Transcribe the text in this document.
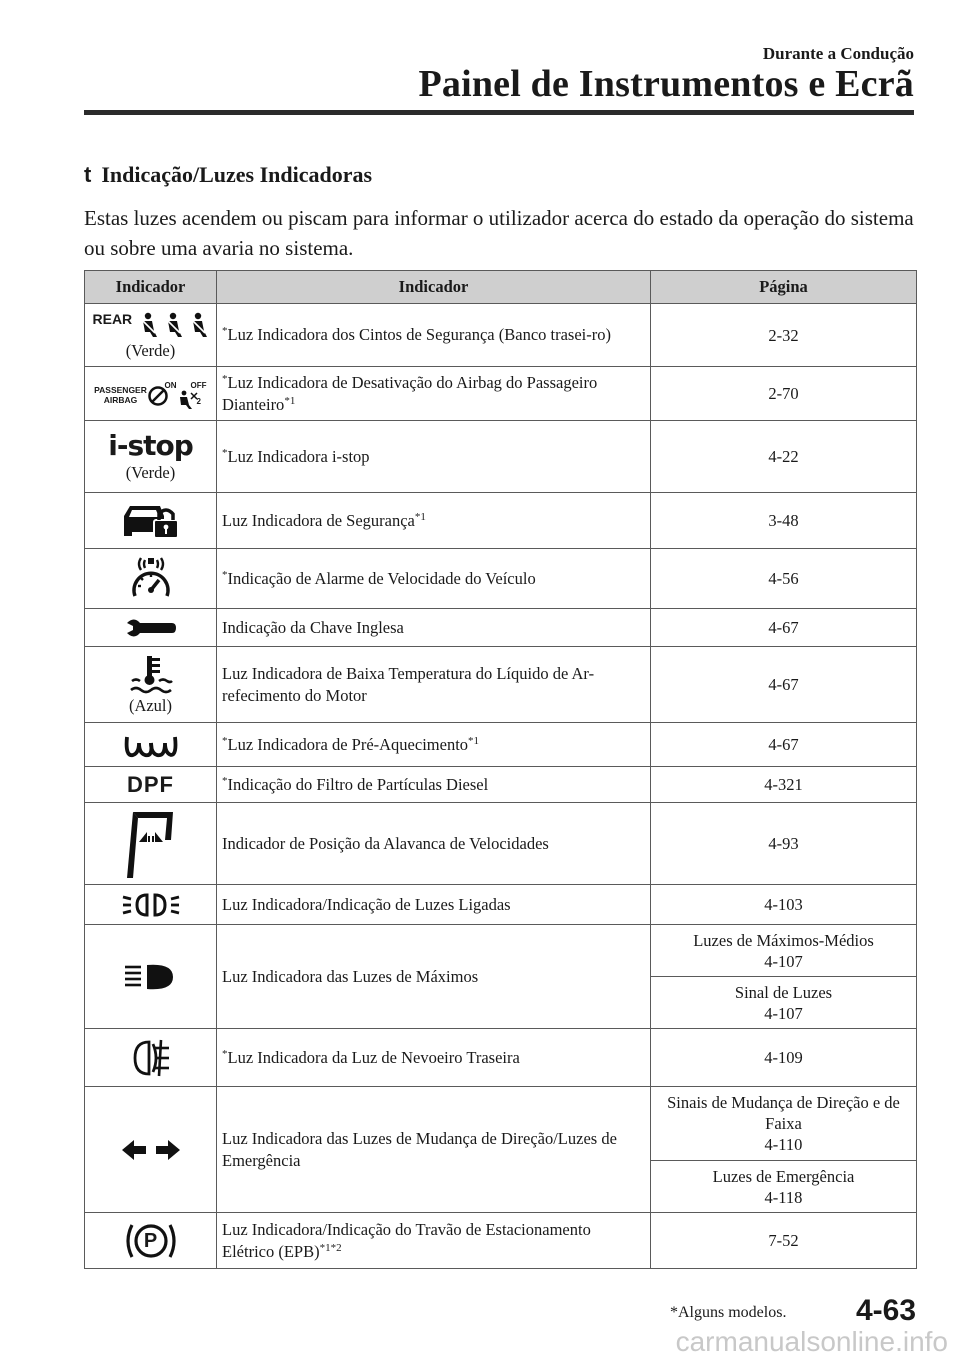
Durante a Condução
Painel de Instrumentos e Ecrã
t Indicação/Luzes Indicadoras
Estas luzes acendem ou piscam para informar o utilizador acerca do estado da operação do sistema ou sobre uma avaria no sistema.
Indicador	Indicador	Página

REAR
(Verde)	*Luz Indicadora dos Cintos de Segurança (Banco trasei-ro)	2-32

PASSENGER AIRBAG
ON OFF
2	*Luz Indicadora de Desativação do Airbag do Passageiro Dianteiro$^{*1}$	2-70

i-stop
(Verde)	*Luz Indicadora i-stop	4-22

	Luz Indicadora de Segurança$^{*1}$	3-48

	*Indicação de Alarme de Velocidade do Veículo	4-56

	Indicação da Chave Inglesa	4-67

(Azul)	Luz Indicadora de Baixa Temperatura do Líquido de Ar-refecimento do Motor	4-67

	*Luz Indicadora de Pré-Aquecimento$^{*1}$	4-67

DPF	*Indicação do Filtro de Partículas Diesel	4-321

	Indicador de Posição da Alavanca de Velocidades	4-93

	Luz Indicadora/Indicação de Luzes Ligadas	4-103

	Luz Indicadora das Luzes de Máximos	Luzes de Máximos-Médios
4-107
		Sinal de Luzes
4-107

	*Luz Indicadora da Luz de Nevoeiro Traseira	4-109

	Luz Indicadora das Luzes de Mudança de Direção/Luzes de Emergência	Sinais de Mudança de Direção e de Faixa
4-110
		Luzes de Emergência
4-118

P	Luz Indicadora/Indicação do Travão de Estacionamento Elétrico (EPB)$^{*1*2}$	7-52
*Alguns modelos. 4-63
carmanualsonline.info
